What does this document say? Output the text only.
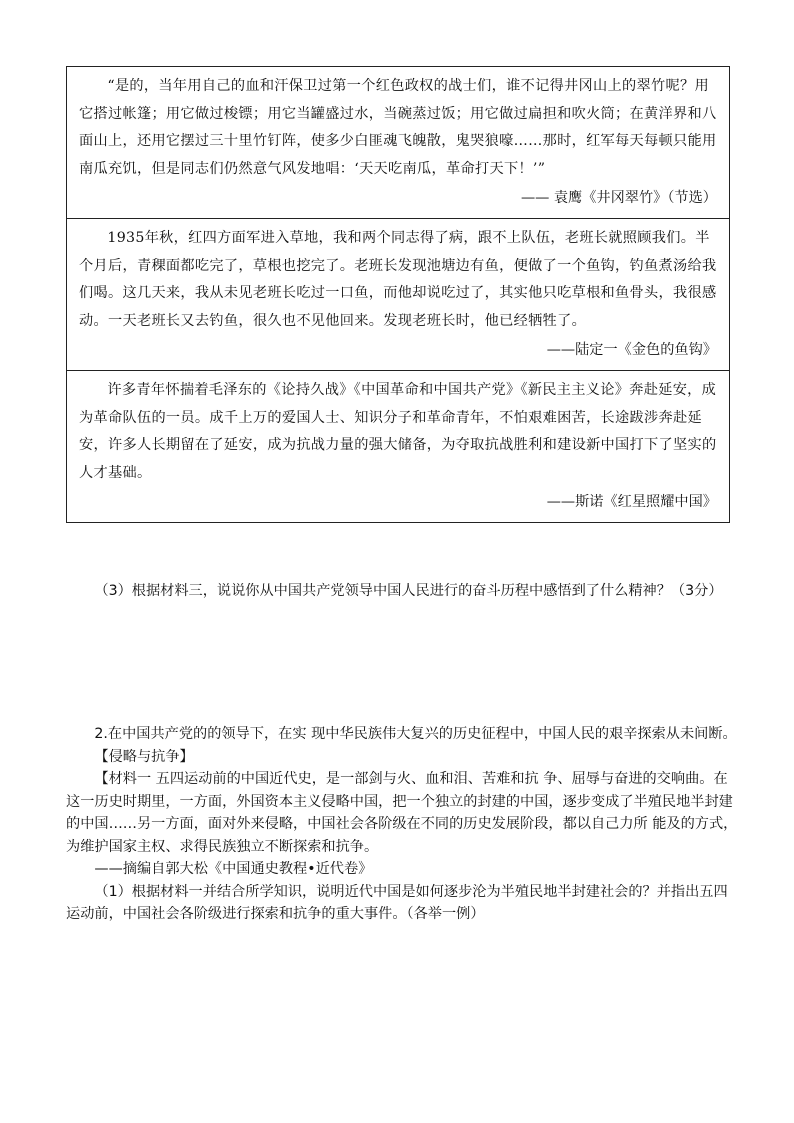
“是的，当年用自己的血和汗保卫过第一个红色政权的战士们，谁不记得井冈山上的翠竹呢？用它搭过帐篷；用它做过梭镖；用它当罐盛过水，当碗蒸过饭；用它做过扁担和吹火筒；在黄洋界和八面山上，还用它摆过三十里竹钉阵，使多少白匪魂飞魄散，鬼哭狼嚎……那时，红军每天每顿只能用南瓜充饥，但是同志们仍然意气风发地唱：‘天天吃南瓜，革命打天下！’”

—— 袁鹰《井冈翠竹》（节选）

1935年秋，红四方面军进入草地，我和两个同志得了病，跟不上队伍，老班长就照顾我们。半个月后，青稞面都吃完了，草根也挖完了。老班长发现池塘边有鱼，便做了一个鱼钩，钓鱼煮汤给我们喝。这几天来，我从未见老班长吃过一口鱼，而他却说吃过了，其实他只吃草根和鱼骨头，我很感动。一天老班长又去钓鱼，很久也不见他回来。发现老班长时，他已经牺牲了。

——陆定一《金色的鱼钩》

许多青年怀揣着毛泽东的《论持久战》《中国革命和中国共产党》《新民主主义论》奔赴延安，成为革命队伍的一员。成千上万的爱国人士、知识分子和革命青年，不怕艰难困苦，长途跋涉奔赴延安，许多人长期留在了延安，成为抗战力量的强大储备，为夺取抗战胜利和建设新中国打下了坚实的人才基础。

——斯诺《红星照耀中国》

（3）根据材料三，说说你从中国共产党领导中国人民进行的奋斗历程中感悟到了什么精神？（3分）

2.在中国共产党的的领导下，在实 现中华民族伟大复兴的历史征程中，中国人民的艰辛探索从未间断。

【侵略与抗争】

【材料一 五四运动前的中国近代史，是一部剑与火、血和泪、苦难和抗 争、屈辱与奋进的交响曲。在这一历史时期里，一方面，外国资本主义侵略中国，把一个独立的封建的中国，逐步变成了半殖民地半封建的中国……另一方面，面对外来侵略，中国社会各阶级在不同的历史发展阶段，都以自己力所 能及的方式，为维护国家主权、求得民族独立不断探索和抗争。

——摘编自郭大松《中国通史教程•近代卷》

（1）根据材料一并结合所学知识，说明近代中国是如何逐步沦为半殖民地半封建社会的？并指出五四运动前，中国社会各阶级进行探索和抗争的重大事件。（各举一例）
